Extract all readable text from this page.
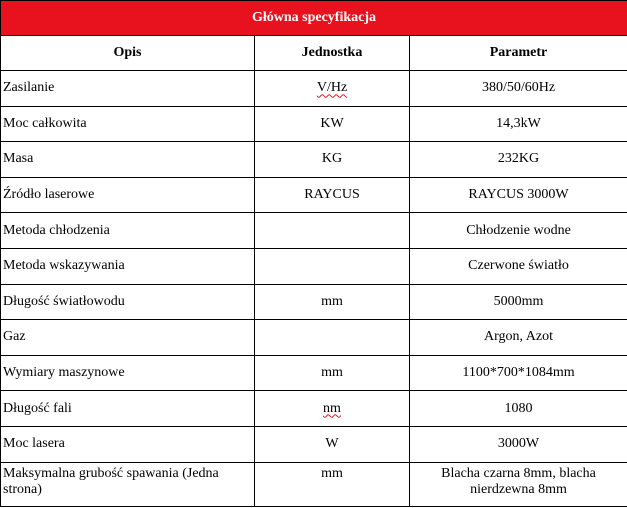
Główna specyfikacja		
Opis	Jednostka	Parametr
Zasilanie	V/Hz	380/50/60Hz
Moc całkowita	KW	14,3kW
Masa	KG	232KG
Źródło laserowe	RAYCUS	RAYCUS 3000W
Metoda chłodzenia		Chłodzenie wodne
Metoda wskazywania		Czerwone światło
Długość światłowodu	mm	5000mm
Gaz		Argon, Azot
Wymiary maszynowe	mm	1100*700*1084mm
Długość fali	nm	1080
Moc lasera	W	3000W
Maksymalna grubość spawania (Jedna strona)	mm	Blacha czarna 8mm, blacha nierdzewna 8mm
